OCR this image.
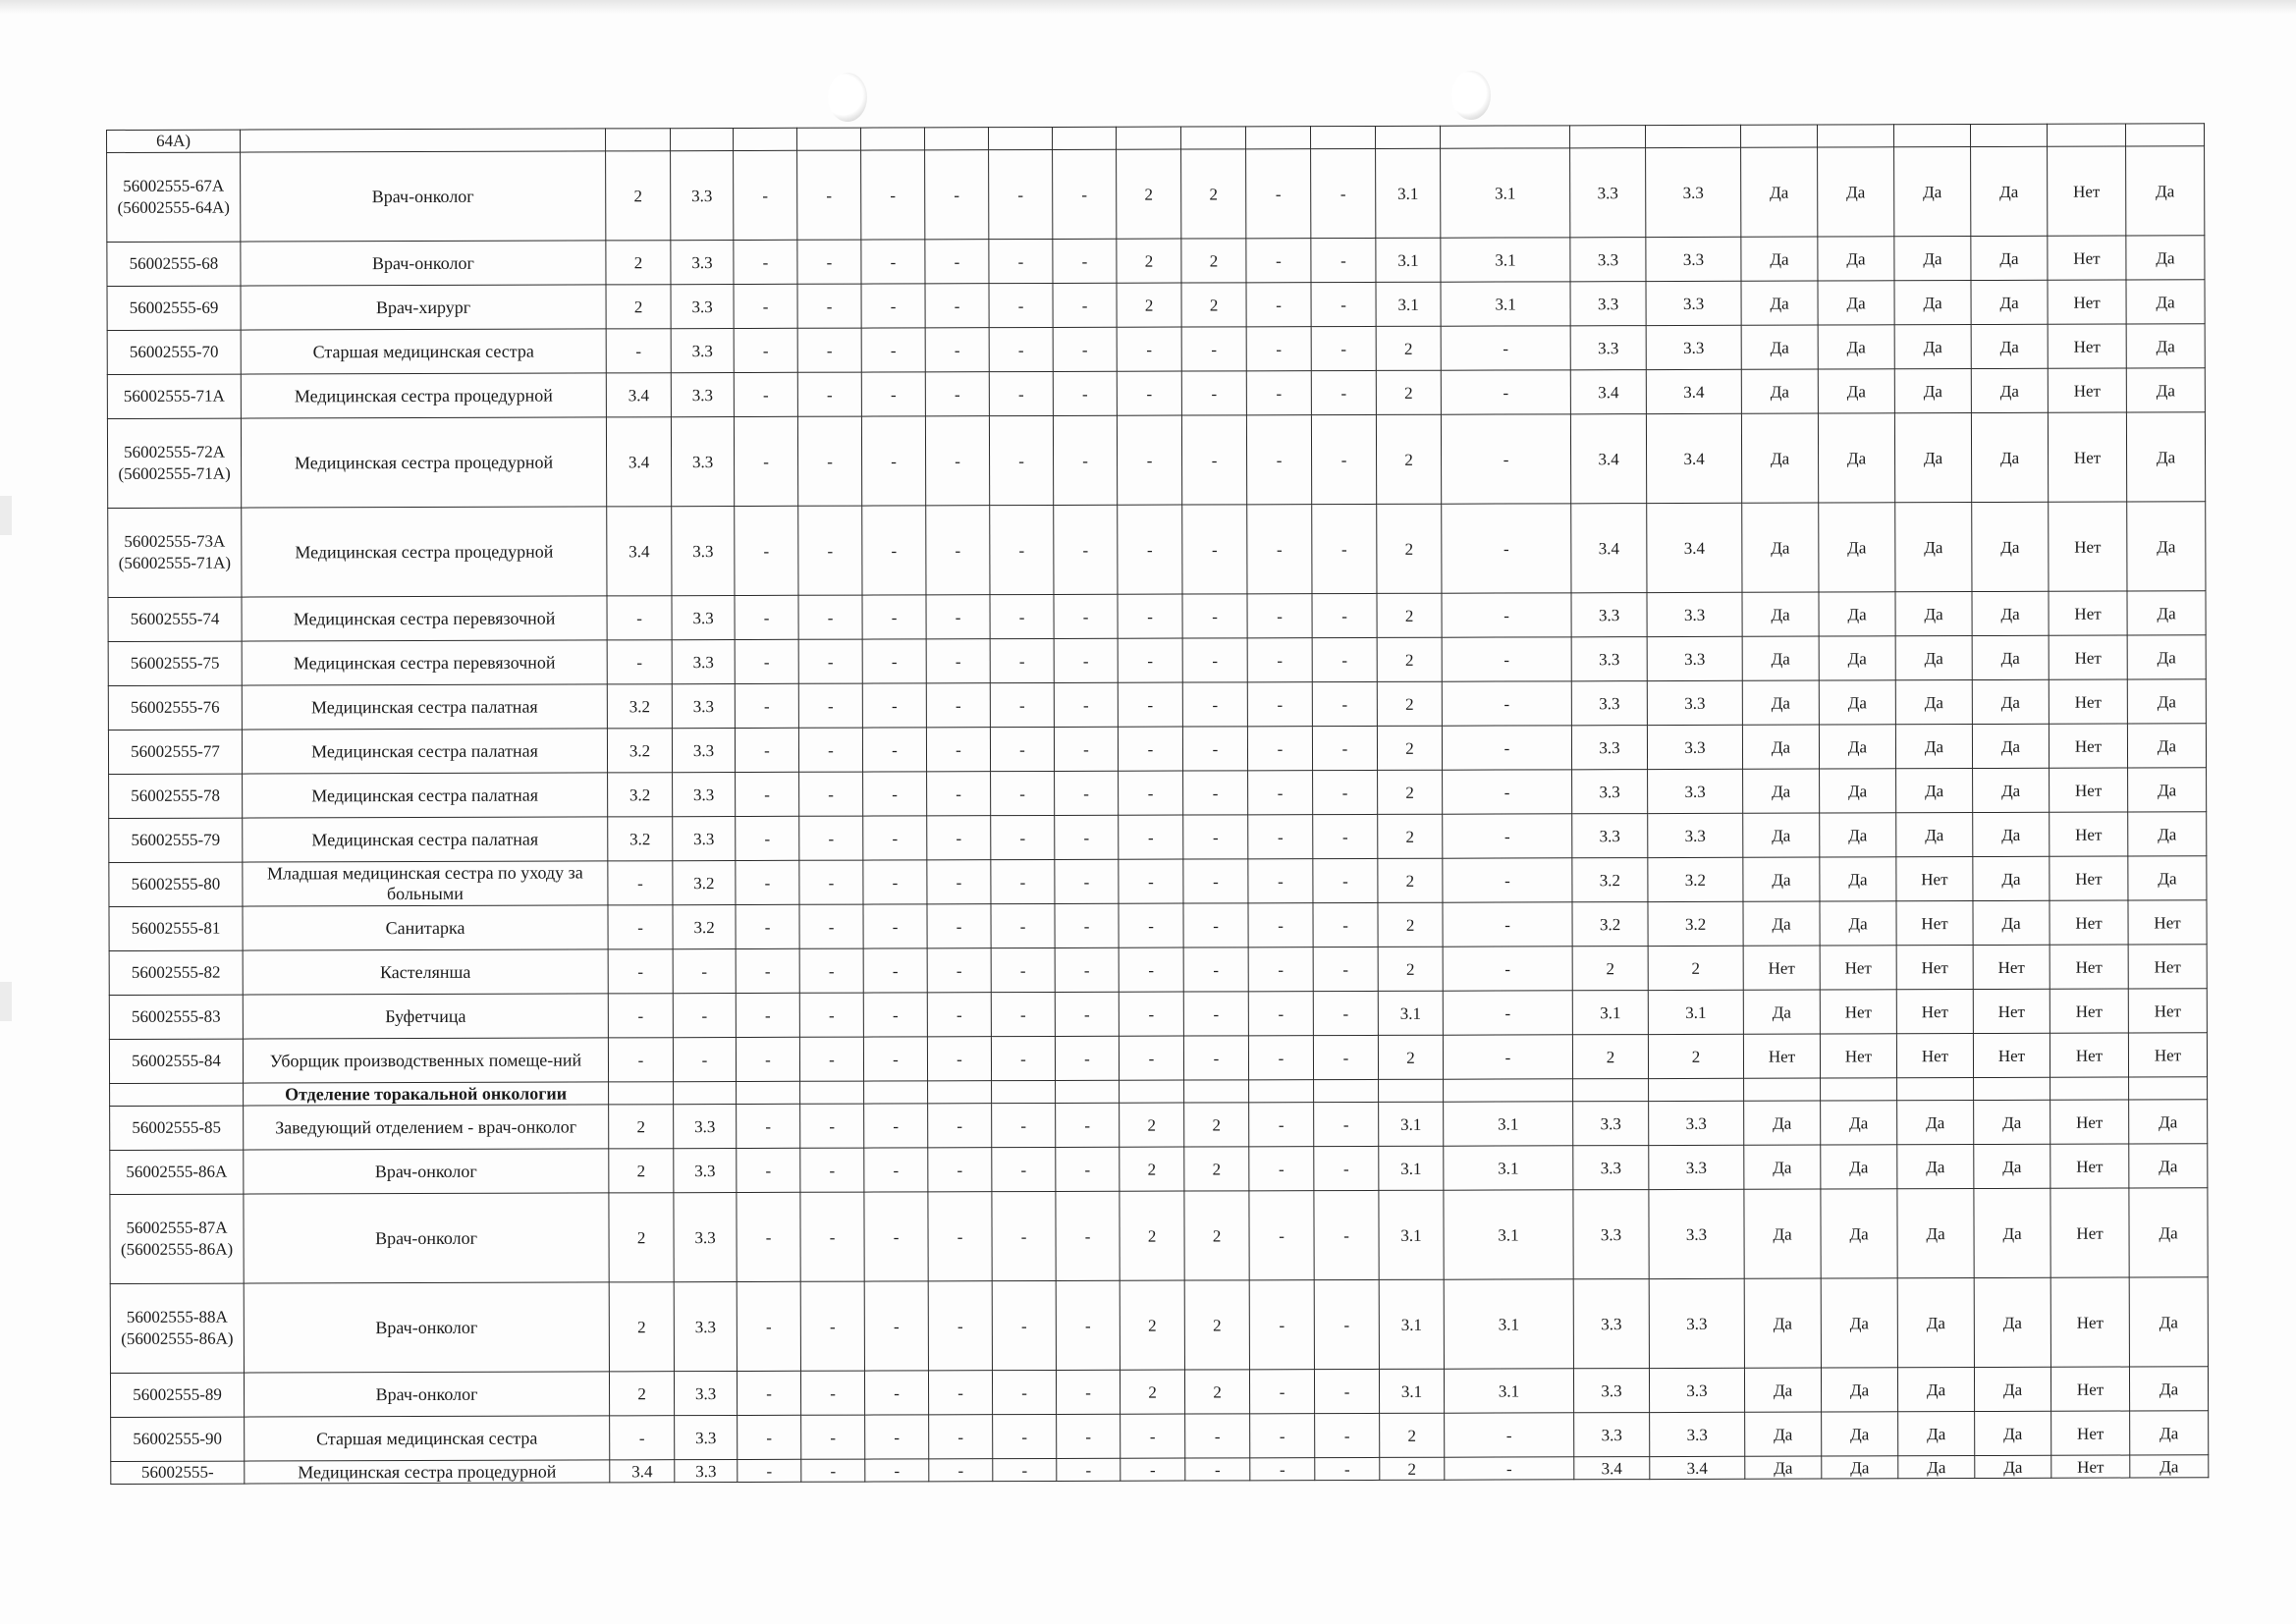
64А)																							
56002555-67А (56002555-64А)	Врач-онколог	2	3.3	-	-	-	-	-	-	2	2	-	-	3.1	3.1	3.3	3.3	Да	Да	Да	Да	Нет	Да
56002555-68	Врач-онколог	2	3.3	-	-	-	-	-	-	2	2	-	-	3.1	3.1	3.3	3.3	Да	Да	Да	Да	Нет	Да
56002555-69	Врач-хирург	2	3.3	-	-	-	-	-	-	2	2	-	-	3.1	3.1	3.3	3.3	Да	Да	Да	Да	Нет	Да
56002555-70	Старшая медицинская сестра	-	3.3	-	-	-	-	-	-	-	-	-	-	2	-	3.3	3.3	Да	Да	Да	Да	Нет	Да
56002555-71А	Медицинская сестра процедурной	3.4	3.3	-	-	-	-	-	-	-	-	-	-	2	-	3.4	3.4	Да	Да	Да	Да	Нет	Да
56002555-72А (56002555-71А)	Медицинская сестра процедурной	3.4	3.3	-	-	-	-	-	-	-	-	-	-	2	-	3.4	3.4	Да	Да	Да	Да	Нет	Да
56002555-73А (56002555-71А)	Медицинская сестра процедурной	3.4	3.3	-	-	-	-	-	-	-	-	-	-	2	-	3.4	3.4	Да	Да	Да	Да	Нет	Да
56002555-74	Медицинская сестра перевязочной	-	3.3	-	-	-	-	-	-	-	-	-	-	2	-	3.3	3.3	Да	Да	Да	Да	Нет	Да
56002555-75	Медицинская сестра перевязочной	-	3.3	-	-	-	-	-	-	-	-	-	-	2	-	3.3	3.3	Да	Да	Да	Да	Нет	Да
56002555-76	Медицинская сестра палатная	3.2	3.3	-	-	-	-	-	-	-	-	-	-	2	-	3.3	3.3	Да	Да	Да	Да	Нет	Да
56002555-77	Медицинская сестра палатная	3.2	3.3	-	-	-	-	-	-	-	-	-	-	2	-	3.3	3.3	Да	Да	Да	Да	Нет	Да
56002555-78	Медицинская сестра палатная	3.2	3.3	-	-	-	-	-	-	-	-	-	-	2	-	3.3	3.3	Да	Да	Да	Да	Нет	Да
56002555-79	Медицинская сестра палатная	3.2	3.3	-	-	-	-	-	-	-	-	-	-	2	-	3.3	3.3	Да	Да	Да	Да	Нет	Да
56002555-80	Младшая медицинская сестра по уходу за больными	-	3.2	-	-	-	-	-	-	-	-	-	-	2	-	3.2	3.2	Да	Да	Нет	Да	Нет	Да
56002555-81	Санитарка	-	3.2	-	-	-	-	-	-	-	-	-	-	2	-	3.2	3.2	Да	Да	Нет	Да	Нет	Нет
56002555-82	Кастелянша	-	-	-	-	-	-	-	-	-	-	-	-	2	-	2	2	Нет	Нет	Нет	Нет	Нет	Нет
56002555-83	Буфетчица	-	-	-	-	-	-	-	-	-	-	-	-	3.1	-	3.1	3.1	Да	Нет	Нет	Нет	Нет	Нет
56002555-84	Уборщик производственных помеще-ний	-	-	-	-	-	-	-	-	-	-	-	-	2	-	2	2	Нет	Нет	Нет	Нет	Нет	Нет
	Отделение торакальной онкологии																						
56002555-85	Заведующий отделением - врач-онколог	2	3.3	-	-	-	-	-	-	2	2	-	-	3.1	3.1	3.3	3.3	Да	Да	Да	Да	Нет	Да
56002555-86А	Врач-онколог	2	3.3	-	-	-	-	-	-	2	2	-	-	3.1	3.1	3.3	3.3	Да	Да	Да	Да	Нет	Да
56002555-87А (56002555-86А)	Врач-онколог	2	3.3	-	-	-	-	-	-	2	2	-	-	3.1	3.1	3.3	3.3	Да	Да	Да	Да	Нет	Да
56002555-88А (56002555-86А)	Врач-онколог	2	3.3	-	-	-	-	-	-	2	2	-	-	3.1	3.1	3.3	3.3	Да	Да	Да	Да	Нет	Да
56002555-89	Врач-онколог	2	3.3	-	-	-	-	-	-	2	2	-	-	3.1	3.1	3.3	3.3	Да	Да	Да	Да	Нет	Да
56002555-90	Старшая медицинская сестра	-	3.3	-	-	-	-	-	-	-	-	-	-	2	-	3.3	3.3	Да	Да	Да	Да	Нет	Да
56002555-	Медицинская сестра процедурной	3.4	3.3	-	-	-	-	-	-	-	-	-	-	2	-	3.4	3.4	Да	Да	Да	Да	Нет	Да
